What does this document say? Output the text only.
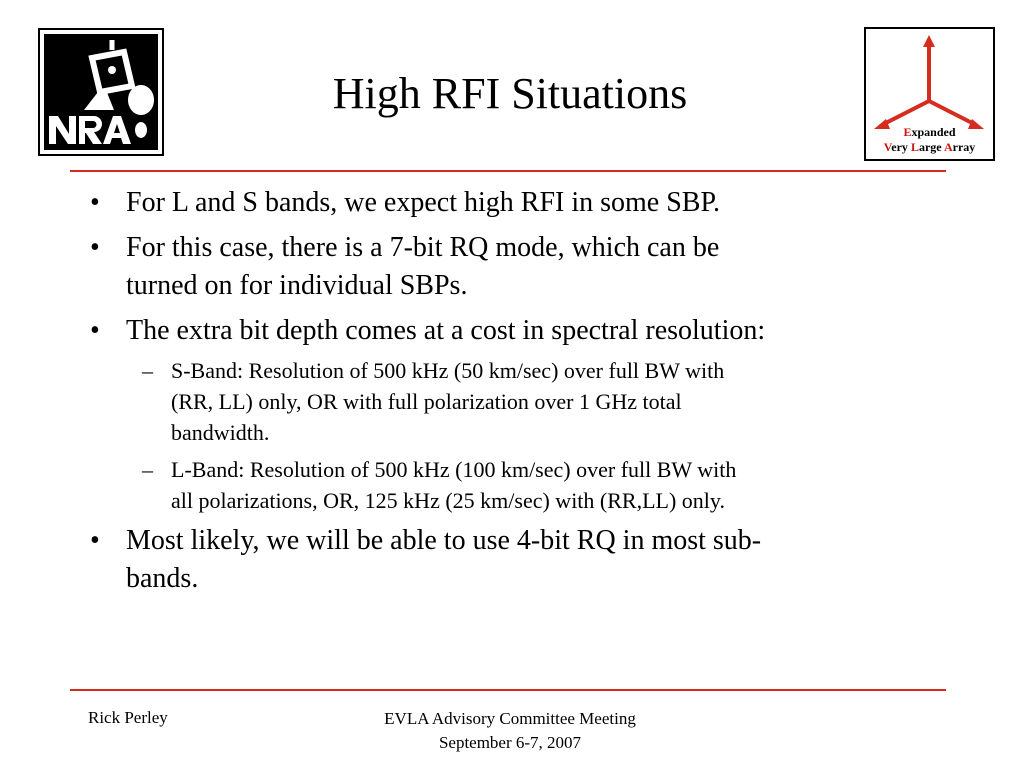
High RFI Situations
Expanded
Very Large Array
• For L and S bands, we expect high RFI in some SBP.
• For this case, there is a 7-bit RQ mode, which can be
turned on for individual SBPs.
• The extra bit depth comes at a cost in spectral resolution:
– S-Band: Resolution of 500 kHz (50 km/sec) over full BW with
(RR, LL) only, OR with full polarization over 1 GHz total
bandwidth.
– L-Band: Resolution of 500 kHz (100 km/sec) over full BW with
all polarizations, OR, 125 kHz (25 km/sec) with (RR,LL) only.
• Most likely, we will be able to use 4-bit RQ in most sub-
bands.
Rick Perley	EVLA Advisory Committee Meeting
September 6-7, 2007
